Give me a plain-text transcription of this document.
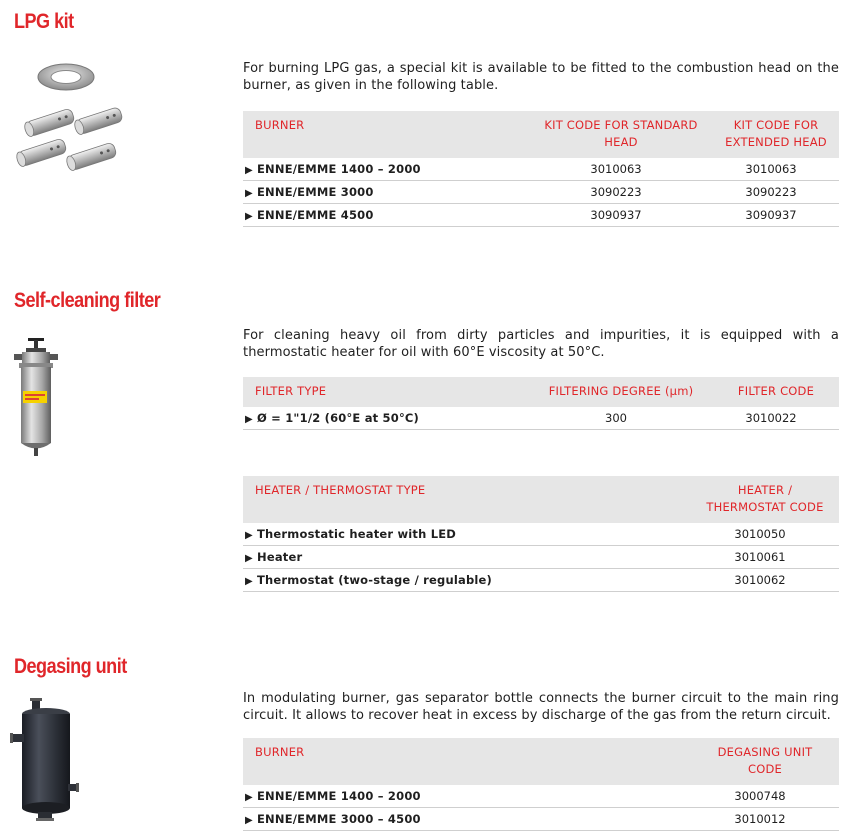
LPG kit

For burning LPG gas, a special kit is available to be fitted to the combustion head on the burner, as given in the following table.

BURNER	KIT CODE FOR STANDARD HEAD	KIT CODE FOR EXTENDED HEAD
▶ ENNE/EMME 1400 – 2000	3010063	3010063
▶ ENNE/EMME 3000	3090223	3090223
▶ ENNE/EMME 4500	3090937	3090937
Self-cleaning filter

For cleaning heavy oil from dirty particles and impurities, it is equipped with a thermostatic heater for oil with 60°E viscosity at 50°C.

FILTER TYPE	FILTERING DEGREE (μm)	FILTER CODE
▶ Ø = 1"1/2 (60°E at 50°C)	300	3010022
HEATER / THERMOSTAT TYPE	HEATER / THERMOSTAT CODE
▶ Thermostatic heater with LED	3010050
▶ Heater	3010061
▶ Thermostat (two-stage / regulable)	3010062
Degasing unit

In modulating burner, gas separator bottle connects the burner circuit to the main ring circuit. It allows to recover heat in excess by discharge of the gas from the return circuit.

BURNER	DEGASING UNIT CODE
▶ ENNE/EMME 1400 – 2000	3000748
▶ ENNE/EMME 3000 – 4500	3010012
